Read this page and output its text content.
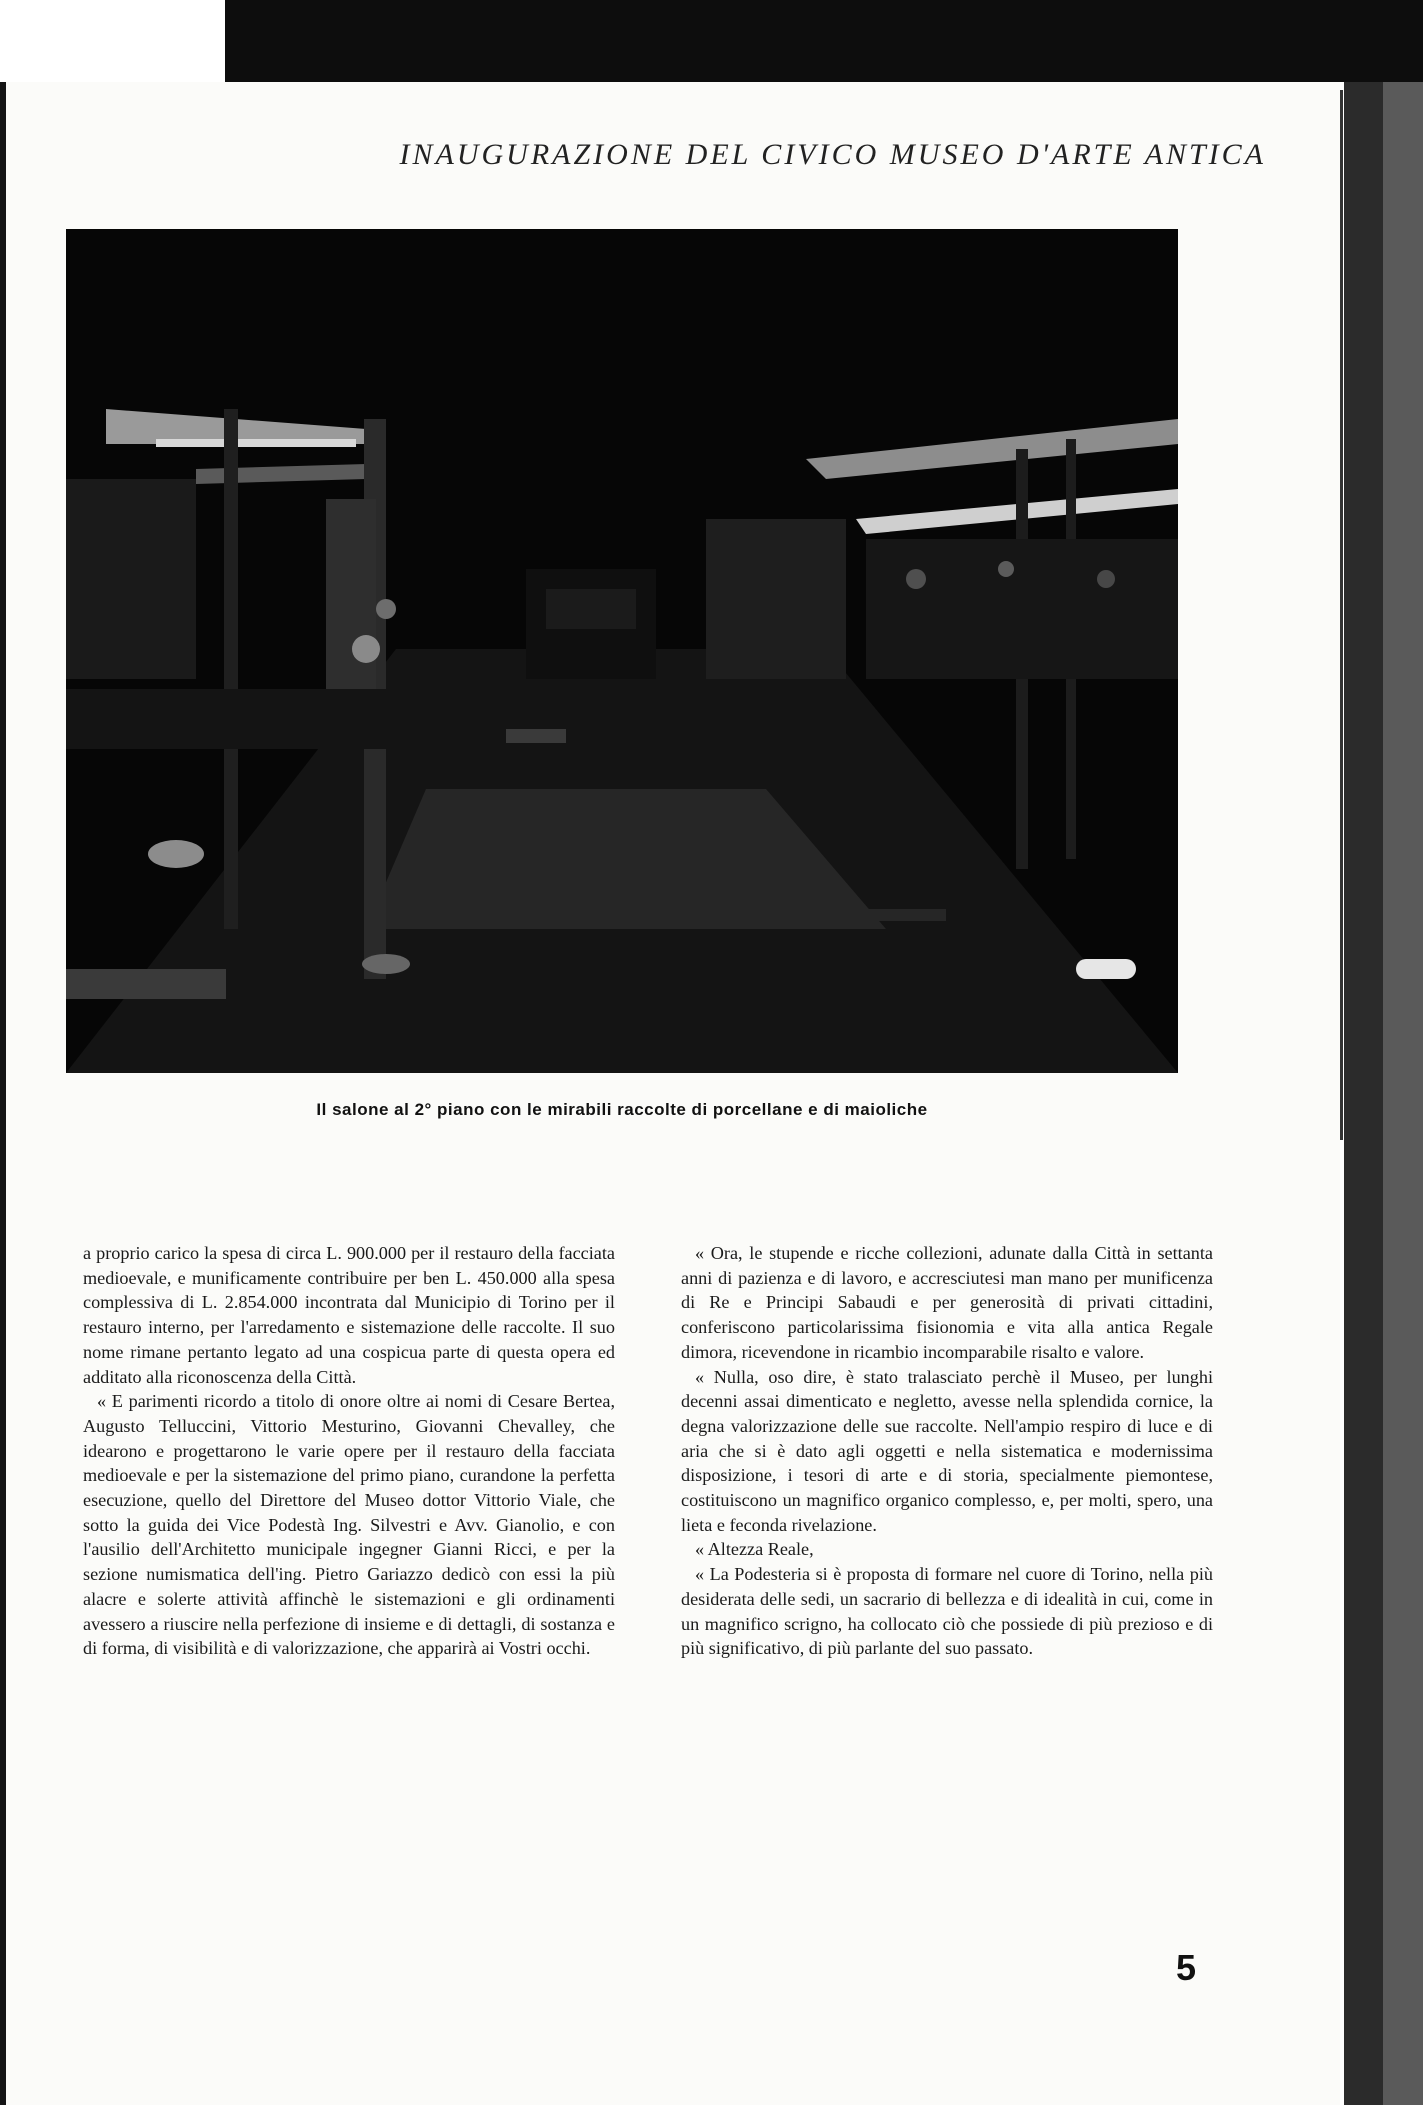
INAUGURAZIONE DEL CIVICO MUSEO D'ARTE ANTICA
Il salone al 2° piano con le mirabili raccolte di porcellane e di maioliche

a proprio carico la spesa di circa L. 900.000 per il restauro della facciata medioevale, e munificamente contribuire per ben L. 450.000 alla spesa complessiva di L. 2.854.000 incontrata dal Municipio di Torino per il restauro interno, per l'arredamento e sistemazione delle raccolte. Il suo nome rimane pertanto legato ad una cospicua parte di questa opera ed additato alla riconoscenza della Città.

« E parimenti ricordo a titolo di onore oltre ai nomi di Cesare Bertea, Augusto Telluccini, Vittorio Mesturino, Giovanni Chevalley, che idearono e progettarono le varie opere per il restauro della facciata medioevale e per la sistemazione del primo piano, curandone la perfetta esecuzione, quello del Direttore del Museo dottor Vittorio Viale, che sotto la guida dei Vice Podestà Ing. Silvestri e Avv. Gianolio, e con l'ausilio dell'Architetto municipale ingegner Gianni Ricci, e per la sezione numismatica dell'ing. Pietro Gariazzo dedicò con essi la più alacre e solerte attività affinchè le sistemazioni e gli ordinamenti avessero a riuscire nella perfezione di insieme e di dettagli, di sostanza e di forma, di visibilità e di valorizzazione, che apparirà ai Vostri occhi.

« Ora, le stupende e ricche collezioni, adunate dalla Città in settanta anni di pazienza e di lavoro, e accresciutesi man mano per munificenza di Re e Principi Sabaudi e per generosità di privati cittadini, conferiscono particolarissima fisionomia e vita alla antica Regale dimora, ricevendone in ricambio incomparabile risalto e valore.

« Nulla, oso dire, è stato tralasciato perchè il Museo, per lunghi decenni assai dimenticato e negletto, avesse nella splendida cornice, la degna valorizzazione delle sue raccolte. Nell'ampio respiro di luce e di aria che si è dato agli oggetti e nella sistematica e modernissima disposizione, i tesori di arte e di storia, specialmente piemontese, costituiscono un magnifico organico complesso, e, per molti, spero, una lieta e feconda rivelazione.

« Altezza Reale,

« La Podesteria si è proposta di formare nel cuore di Torino, nella più desiderata delle sedi, un sacrario di bellezza e di idealità in cui, come in un magnifico scrigno, ha collocato ciò che possiede di più prezioso e di più significativo, di più parlante del suo passato.

5
